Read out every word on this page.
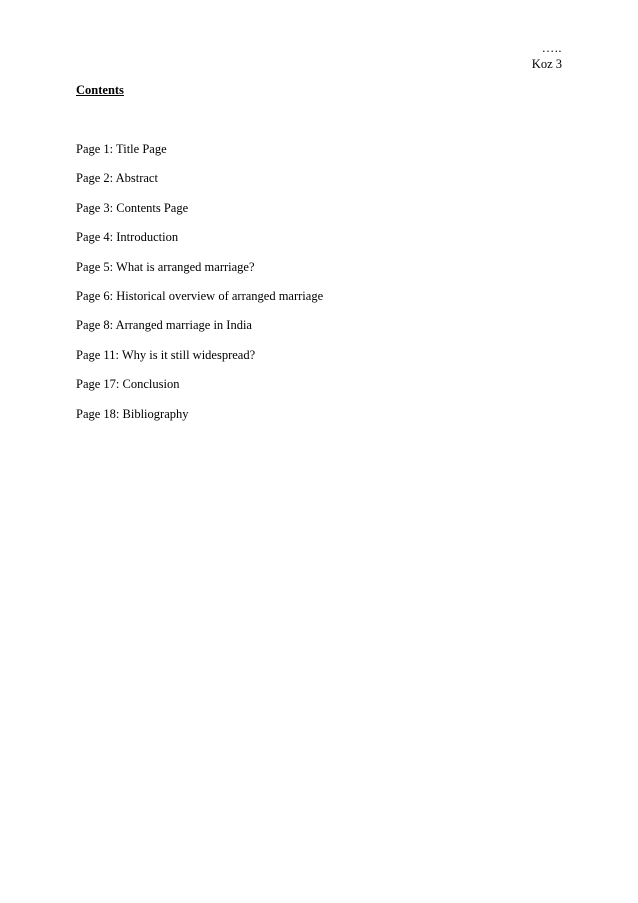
…..
Koz 3
Contents
Page 1: Title Page
Page 2: Abstract
Page 3: Contents Page
Page 4: Introduction
Page 5: What is arranged marriage?
Page 6: Historical overview of arranged marriage
Page 8: Arranged marriage in India
Page 11: Why is it still widespread?
Page 17: Conclusion
Page 18: Bibliography
